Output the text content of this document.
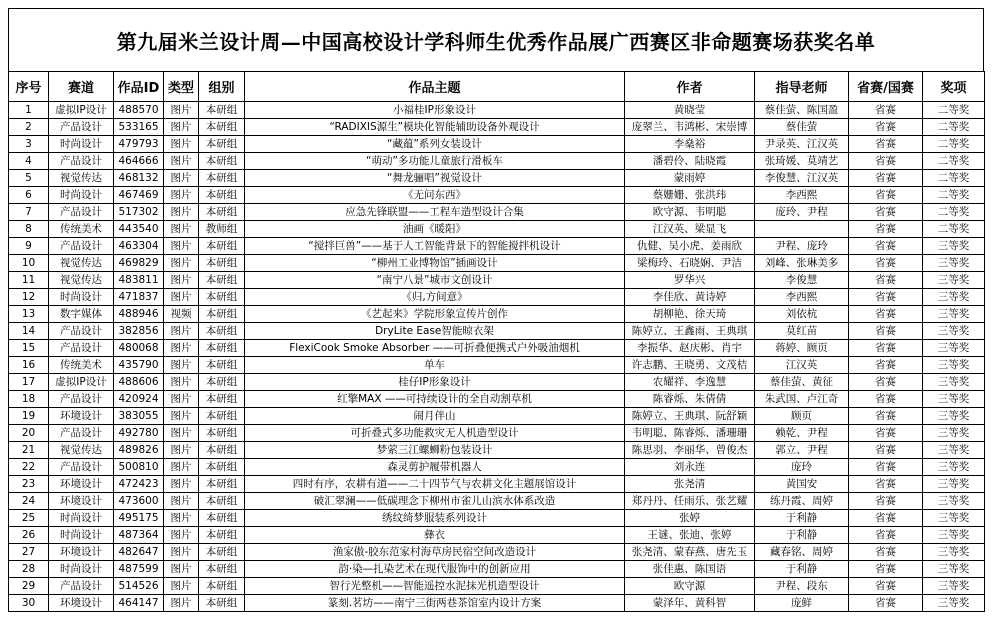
第九届米兰设计周—中国高校设计学科师生优秀作品展广西赛区非命题赛场获奖名单
序号	赛道	作品ID	类型	组别	作品主题	作者	指导老师	省赛/国赛	奖项
1	虚拟IP设计	488570	图片	本研组	小福桂IP形象设计	黄晓莹	蔡佳萤、陈国盈	省赛	二等奖
2	产品设计	533165	图片	本研组	“RADIXIS源生”模块化智能辅助设备外观设计	庞翠兰、韦鸿彬、宋崇博	蔡佳萤	省赛	二等奖
3	时尚设计	479793	图片	本研组	“藏蕴”系列女装设计	李燊裕	尹录英、江汉英	省赛	二等奖
4	产品设计	464666	图片	本研组	“萌动”多功能儿童旅行滑板车	潘碧伶、陆晓霞	张琦媛、莫靖艺	省赛	二等奖
5	视觉传达	468132	图片	本研组	“舞龙骊唱”视觉设计	蒙雨婷	李俊慧、江汉英	省赛	二等奖
6	时尚设计	467469	图片	本研组	《无问东西》	蔡姗姗、张洪玮	李西熙	省赛	二等奖
7	产品设计	517302	图片	本研组	应急先锋联盟——工程车造型设计合集	欧守源、韦明聪	庞玲、尹程	省赛	二等奖
8	传统美术	443540	图片	教师组	油画《暖阳》	江汉英、梁显飞		省赛	二等奖
9	产品设计	463304	图片	本研组	“搅拌巨兽”——基于人工智能背景下的智能搅拌机设计	仇健、吴小虎、姜雨欣	尹程、庞玲	省赛	三等奖
10	视觉传达	469829	图片	本研组	“柳州工业博物馆”插画设计	梁梅玲、石晓娴、尹洁	刘峰、张琳美多	省赛	三等奖
11	视觉传达	483811	图片	本研组	“南宁八景”城市文创设计	罗华兴	李俊慧	省赛	三等奖
12	时尚设计	471837	图片	本研组	《归,方间意》	李佳欣、黄诗婷	李西熙	省赛	三等奖
13	数字媒体	488946	视频	本研组	《艺起来》学院形象宣传片创作	胡柳艳、徐天琦	刘依杭	省赛	三等奖
14	产品设计	382856	图片	本研组	DryLite Ease智能晾衣架	陈婷立、王鑫雨、王典琪	莫红苗	省赛	三等奖
15	产品设计	480068	图片	本研组	FlexiCook Smoke Absorber ——可折叠便携式户外吸油烟机	李振华、赵庆彬、肖宇	蒋婷、顾页	省赛	三等奖
16	传统美术	435790	图片	本研组	单车	许志鹏、王晓勇、文茂桔	江汉英	省赛	三等奖
17	虚拟IP设计	488606	图片	本研组	桂仔IP形象设计	农耀祥、李逸慧	蔡佳萤、黄征	省赛	三等奖
18	产品设计	420924	图片	本研组	红擎MAX ——可持续设计的全自动割草机	陈睿烁、朱倩倩	朱武国、卢江奇	省赛	三等奖
19	环境设计	383055	图片	本研组	闹月伴山	陈婷立、王典琪、阮舒颖	顾页	省赛	三等奖
20	产品设计	492780	图片	本研组	可折叠式多功能救灾无人机造型设计	韦明聪、陈睿烁、潘珊珊	赖乾、尹程	省赛	三等奖
21	视觉传达	489826	图片	本研组	梦萦三江螺蛳粉包装设计	陈思羽、李丽华、曾俊杰	郭立、尹程	省赛	三等奖
22	产品设计	500810	图片	本研组	森灵剪护履带机器人	刘永连	庞玲	省赛	三等奖
23	环境设计	472423	图片	本研组	四时有序，农耕有道——二十四节气与农耕文化主题展馆设计	张尧清	黄国安	省赛	三等奖
24	环境设计	473600	图片	本研组	破汇翠澜——低碳理念下柳州市雀儿山滨水体系改造	郑丹丹、任雨乐、张艺耀	练丹霞、周婷	省赛	三等奖
25	时尚设计	495175	图片	本研组	绣纹绮梦服装系列设计	张婷	于利静	省赛	三等奖
26	时尚设计	487364	图片	本研组	彝衣	王谜、张迪、张婷	于利静	省赛	三等奖
27	环境设计	482647	图片	本研组	渔家傲-胶东范家村海草房民宿空间改造设计	张尧清、蒙春燕、唐先玉	藏春铭、周婷	省赛	三等奖
28	时尚设计	487599	图片	本研组	韵·染—扎染艺术在现代服饰中的创新应用	张佳惠、陈国语	于利静	省赛	三等奖
29	产品设计	514526	图片	本研组	智行光整机——智能遥控水泥抹光机造型设计	欧守源	尹程、段东	省赛	三等奖
30	环境设计	464147	图片	本研组	篆刻.茗坊——南宁三街两巷茶馆室内设计方案	蒙泽年、黄科智	庞鲜	省赛	三等奖
